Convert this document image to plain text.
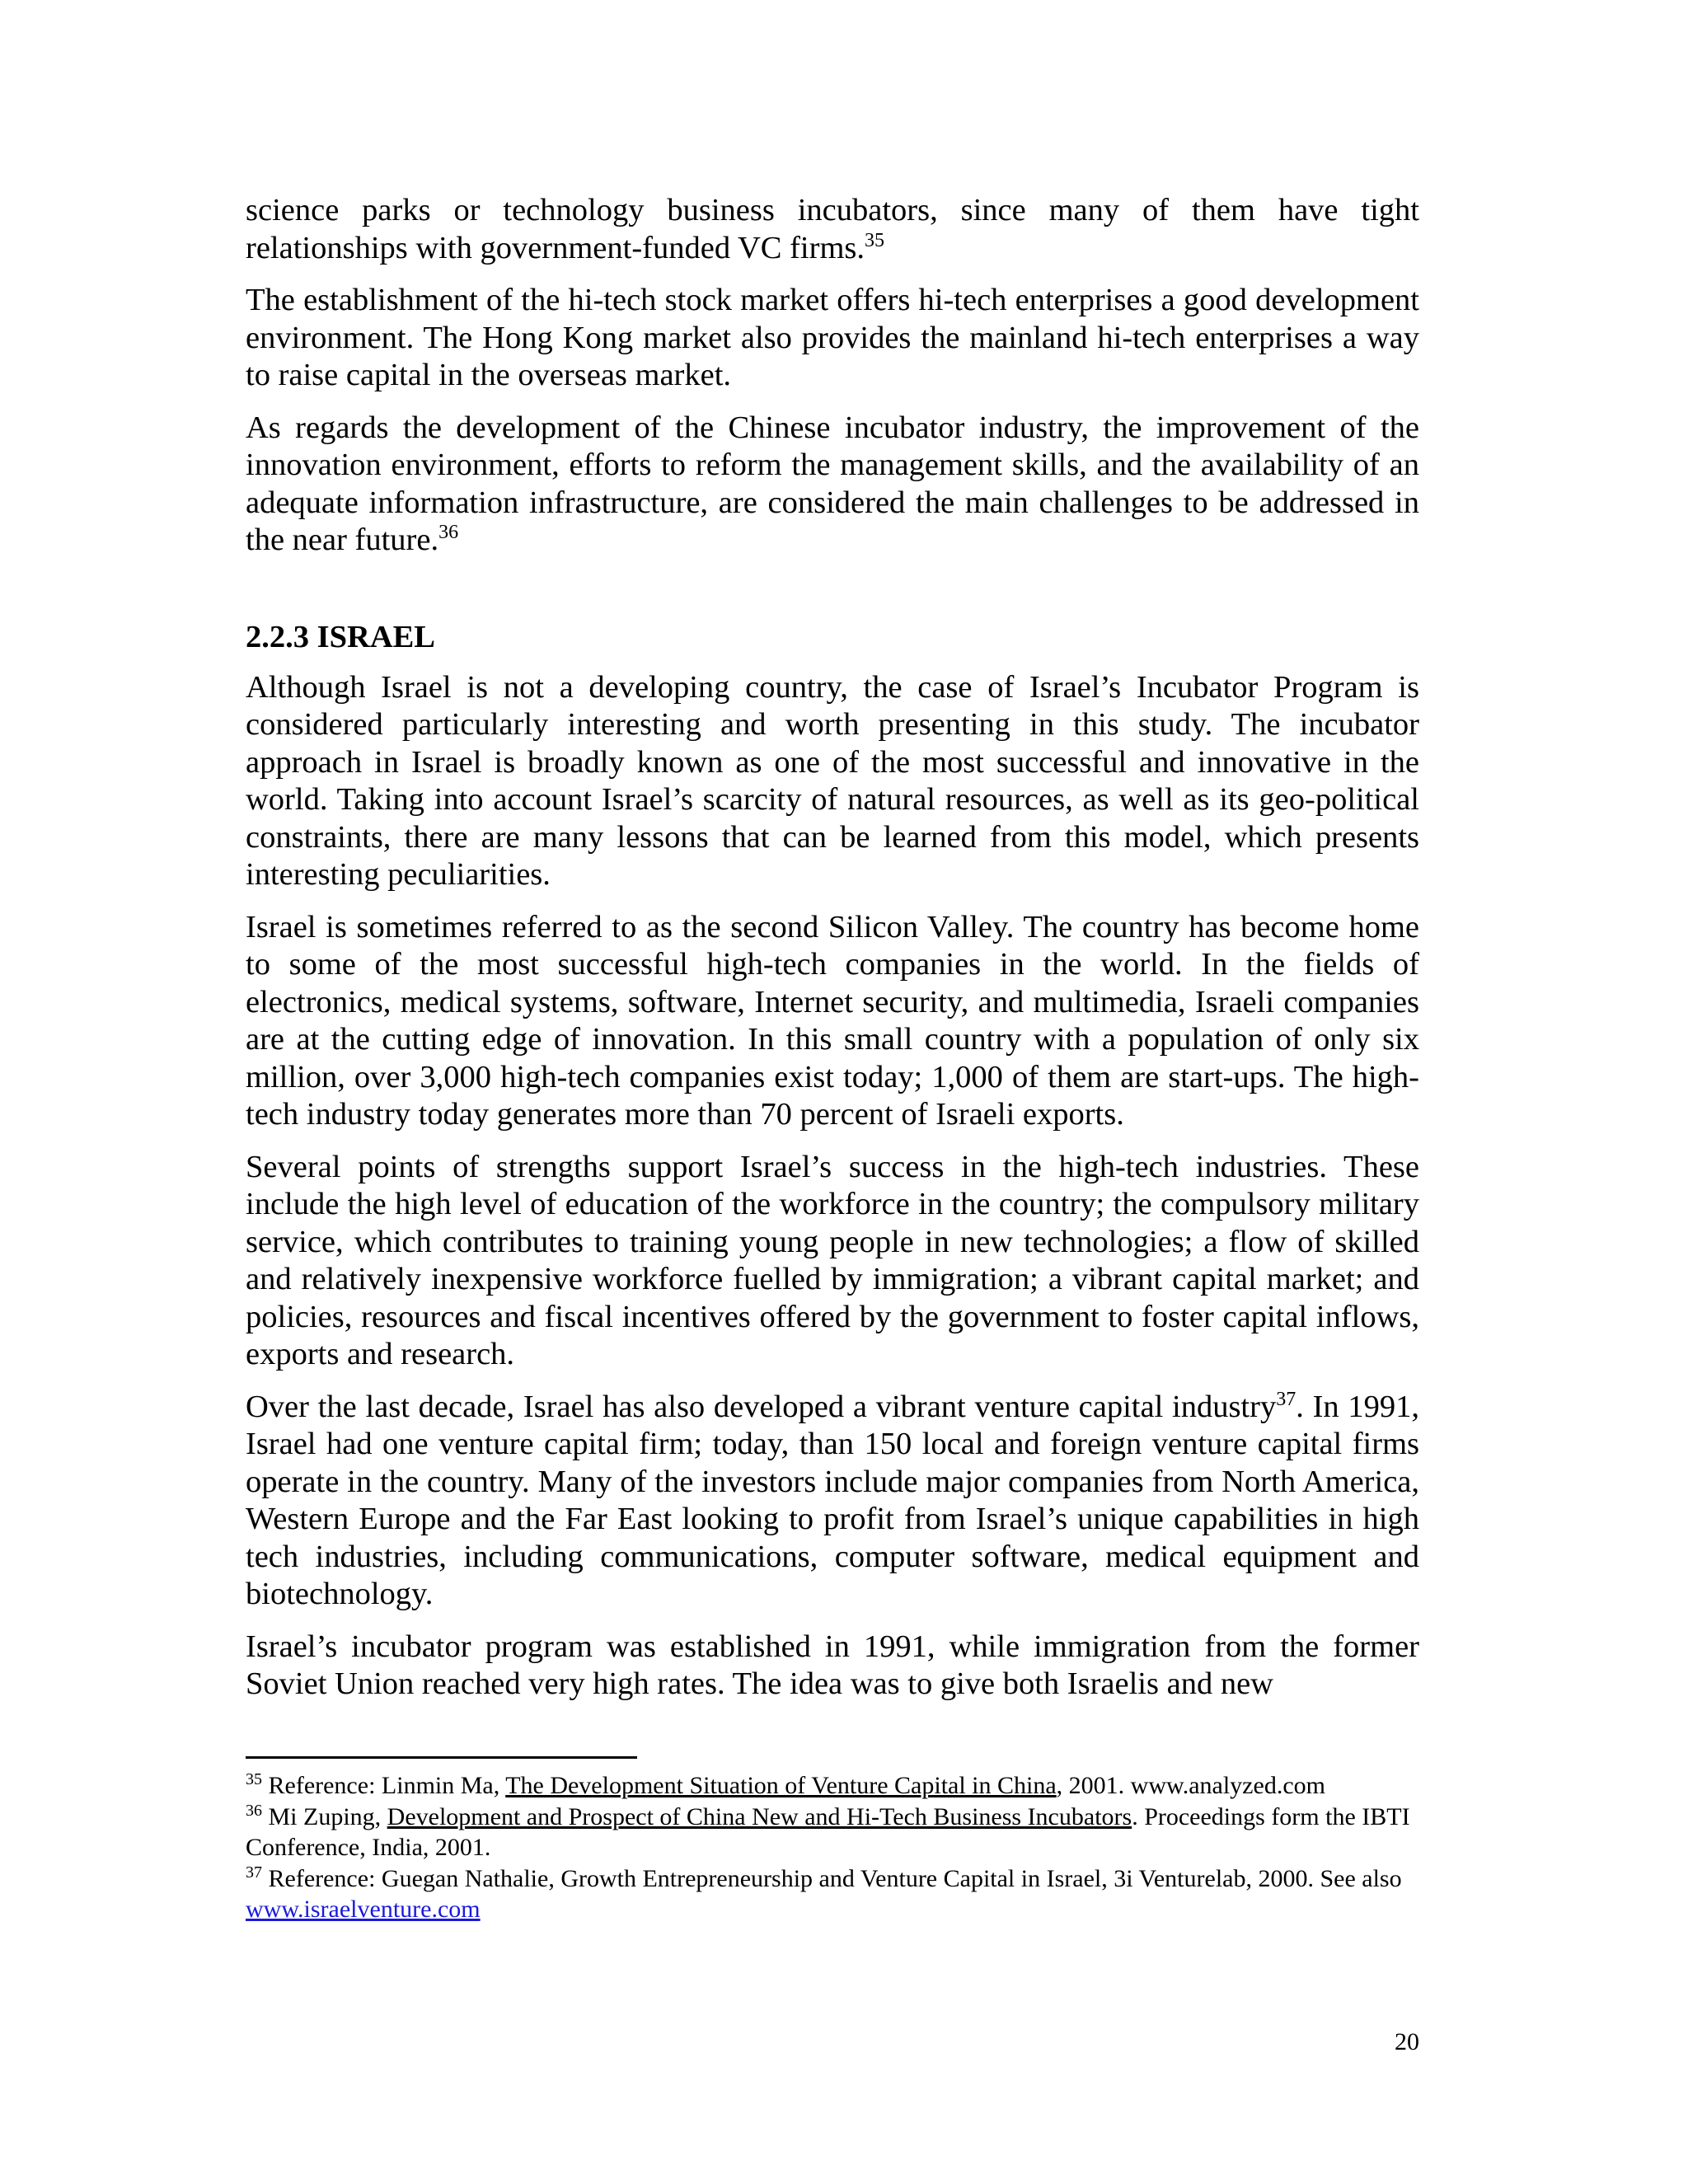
science parks or technology business incubators, since many of them have tight relationships with government-funded VC firms.$^{35}$

The establishment of the hi-tech stock market offers hi-tech enterprises a good development environment. The Hong Kong market also provides the mainland hi-tech enterprises a way to raise capital in the overseas market.

As regards the development of the Chinese incubator industry, the improvement of the innovation environment, efforts to reform the management skills, and the availability of an adequate information infrastructure, are considered the main challenges to be addressed in the near future.$^{36}$

2.2.3 ISRAEL

Although Israel is not a developing country, the case of Israel’s Incubator Program is considered particularly interesting and worth presenting in this study. The incubator approach in Israel is broadly known as one of the most successful and innovative in the world. Taking into account Israel’s scarcity of natural resources, as well as its geo-political constraints, there are many lessons that can be learned from this model, which presents interesting peculiarities.

Israel is sometimes referred to as the second Silicon Valley. The country has become home to some of the most successful high-tech companies in the world. In the fields of electronics, medical systems, software, Internet security, and multimedia, Israeli companies are at the cutting edge of innovation. In this small country with a population of only six million, over 3,000 high-tech companies exist today; 1,000 of them are start-ups. The high-tech industry today generates more than 70 percent of Israeli exports.

Several points of strengths support Israel’s success in the high-tech industries. These include the high level of education of the workforce in the country; the compulsory military service, which contributes to training young people in new technologies; a flow of skilled and relatively inexpensive workforce fuelled by immigration; a vibrant capital market; and policies, resources and fiscal incentives offered by the government to foster capital inflows, exports and research.

Over the last decade, Israel has also developed a vibrant venture capital industry$^{37}$. In 1991, Israel had one venture capital firm; today, than 150 local and foreign venture capital firms operate in the country. Many of the investors include major companies from North America, Western Europe and the Far East looking to profit from Israel’s unique capabilities in high tech industries, including communications, computer software, medical equipment and biotechnology.

Israel’s incubator program was established in 1991, while immigration from the former Soviet Union reached very high rates. The idea was to give both Israelis and new

$^{35}$ Reference: Linmin Ma, The Development Situation of Venture Capital in China, 2001. www.analyzed.com

$^{36}$ Mi Zuping, Development and Prospect of China New and Hi-Tech Business Incubators. Proceedings form the IBTI Conference, India, 2001.

$^{37}$ Reference: Guegan Nathalie, Growth Entrepreneurship and Venture Capital in Israel, 3i Venturelab, 2000. See also www.israelventure.com

20
